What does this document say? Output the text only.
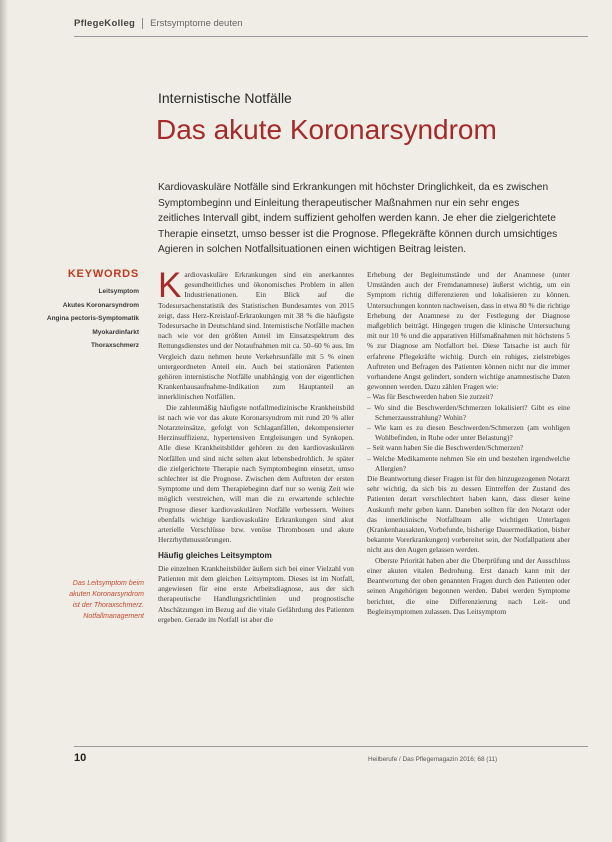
PflegeKolleg Erstsymptome deuten
Internistische Notfälle
Das akute Koronarsyndrom
Kardiovaskuläre Notfälle sind Erkrankungen mit höchster Dringlichkeit, da es zwischen Symptombeginn und Einleitung therapeutischer Maßnahmen nur ein sehr enges zeitliches Intervall gibt, indem suffizient geholfen werden kann. Je eher die zielgerichtete Therapie einsetzt, umso besser ist die Prognose. Pflegekräfte können durch umsichtiges Agieren in solchen Notfallsituationen einen wichtigen Beitrag leisten.
KEYWORDS
Leitsymptom
Akutes Koronarsyndrom
Angina pectoris-Symptomatik
Myokardinfarkt
Thoraxschmerz
Das Leitsymptom beim akuten Koronarsyndrom ist der Thoraxschmerz. Notfallmanagement

Kardiovaskuläre Erkrankungen sind ein anerkanntes gesundheitliches und ökonomisches Problem in allen Industrienationen. Ein Blick auf die Todesursachenstatistik des Statistischen Bundesamtes von 2015 zeigt, dass Herz-Kreislauf-Erkrankungen mit 38 % die häufigste Todesursache in Deutschland sind. Internistische Notfälle machen nach wie vor den größten Anteil im Einsatzspektrum des Rettungsdienstes und der Notaufnahmen mit ca. 50–60 % aus. Im Vergleich dazu nehmen heute Verkehrsunfälle mit 5 % einen untergeordneten Anteil ein. Auch bei stationären Patienten gehören internistische Notfälle unabhängig von der eigentlichen Krankenhausaufnahme-Indikation zum Hauptanteil an innerklinischen Notfällen.

Die zahlenmäßig häufigste notfallmedizinische Krankheitsbild ist nach wie vor das akute Koronarsyndrom mit rund 20 % aller Notarzteinsätze, gefolgt von Schlaganfällen, dekompensierter Herzinsuffizienz, hypertensiven Entgleisungen und Synkopen. Alle diese Krankheitsbilder gehören zu den kardiovaskulären Notfällen und sind nicht selten akut lebensbedrohlich. Je später die zielgerichtete Therapie nach Symptombeginn einsetzt, umso schlechter ist die Prognose. Zwischen dem Auftreten der ersten Symptome und dem Therapiebeginn darf nur so wenig Zeit wie möglich verstreichen, will man die zu erwartende schlechte Prognose dieser kardiovaskulären Notfälle verbessern. Weiters ebenfalls wichtige kardiovaskuläre Erkrankungen sind akut arterielle Verschlüsse bzw. venöse Thrombosen und akute Herzrhythmusstörungen.

Häufig gleiches Leitsymptom

Die einzelnen Krankheitsbilder äußern sich bei einer Vielzahl von Patienten mit dem gleichen Leitsymptom. Dieses ist im Notfall, angewiesen für eine erste Arbeitsdiagnose, aus der sich therapeutische Handlungsrichtlinien und prognostische Abschätzungen im Bezug auf die vitale Gefährdung des Patienten ergeben. Gerade im Notfall ist aber die

Erhebung der Begleitumstände und der Anamnese (unter Umständen auch der Fremdanamnese) äußerst wichtig, um ein Symptom richtig differenzieren und lokalisieren zu können. Untersuchungen konnten nachweisen, dass in etwa 80 % die richtige Erhebung der Anamnese zu der Festlegung der Diagnose maßgeblich beiträgt. Hingegen trugen die klinische Untersuchung mit nur 10 % und die apparativen Hilfsmaßnahmen mit höchstens 5 % zur Diagnose am Notfallort bei. Diese Tatsache ist auch für erfahrene Pflegekräfte wichtig. Durch ein ruhiges, zielstrebiges Auftreten und Befragen des Patienten können nicht nur die immer vorhandene Angst gelindert, sondern wichtige anamnestische Daten gewonnen werden. Dazu zählen Fragen wie:

– Was für Beschwerden haben Sie zurzeit?
– Wo sind die Beschwerden/Schmerzen lokalisiert? Gibt es eine Schmerzausstrahlung? Wohin?
– Wie kam es zu diesen Beschwerden/Schmerzen (am wohligen Wohlbefinden, in Ruhe oder unter Belastung)?
– Seit wann haben Sie die Beschwerden/Schmerzen?
– Welche Medikamente nehmen Sie ein und bestehen irgendwelche Allergien?

Die Beantwortung dieser Fragen ist für den hinzugezogenen Notarzt sehr wichtig, da sich bis zu dessen Eintreffen der Zustand des Patienten derart verschlechtert haben kann, dass dieser keine Auskunft mehr geben kann. Daneben sollten für den Notarzt oder das innerklinische Notfallteam alle wichtigen Unterlagen (Krankenhausakten, Vorbefunde, bisherige Dauermedikation, bisher bekannte Vorerkrankungen) vorbereitet sein, der Notfallpatient aber nicht aus den Augen gelassen werden.

Oberste Priorität haben aber die Überprüfung und der Ausschluss einer akuten vitalen Bedrohung. Erst danach kann mit der Beantwortung der oben genannten Fragen durch den Patienten oder seinen Angehörigen begonnen werden. Dabei werden Symptome berichtet, die eine Differenzierung nach Leit- und Begleitsymptomen zulassen. Das Leitsymptom

10	Heilberufe / Das Pflegemagazin 2016; 68 (11)
